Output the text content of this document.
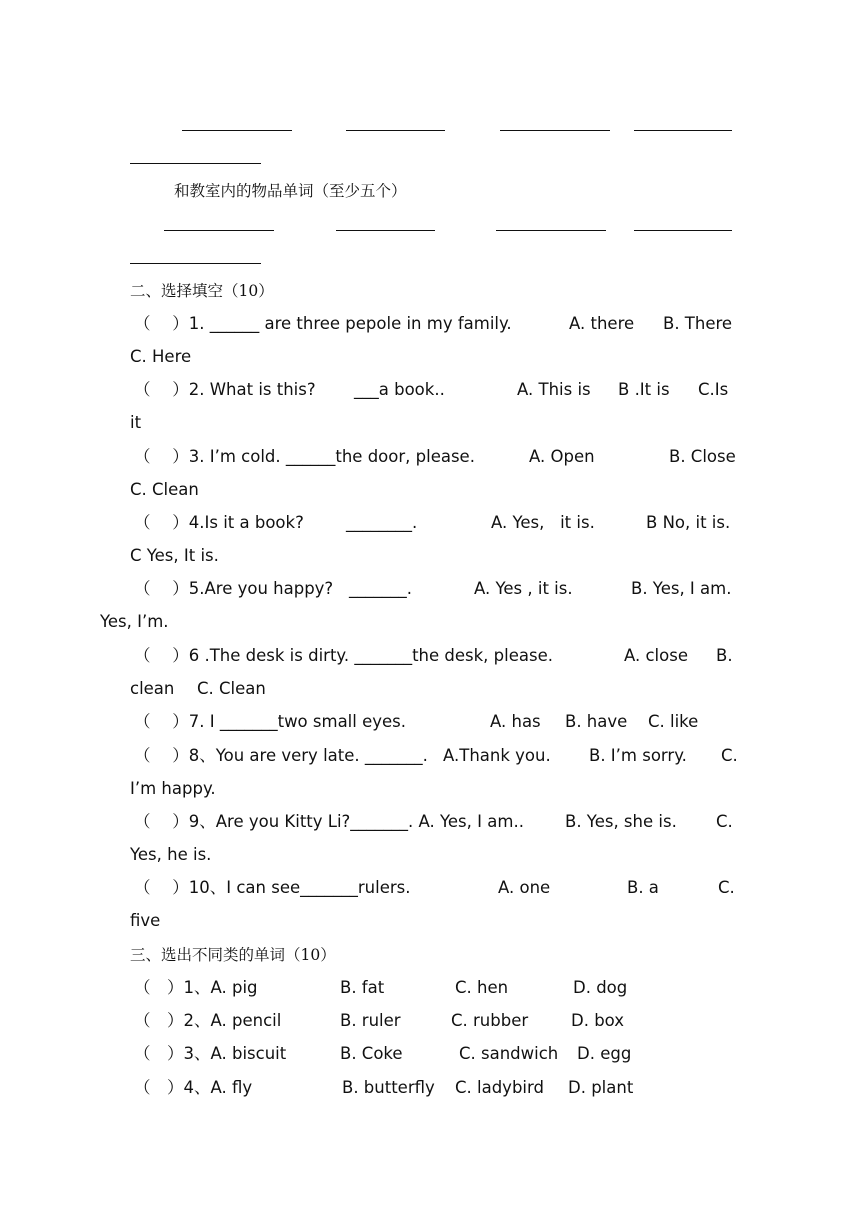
和教室内的物品单词（至少五个）
二、选择填空（10）
（　 ）1. ______ are three pepole in my family.	A. there B. There
C. Here
（　 ）2. What is this? ___a book..	A. This is B .It is C.Is
it
（　 ）3. I’m cold. ______the door, please.	A. Open	B. Close
C. Clean
（　 ）4.Is it a book?	________.	A. Yes,   it is.	B No, it is.
C Yes, It is.
（　 ）5.Are you happy? _______.	A. Yes , it is.	B. Yes, I am.
Yes, I’m.
（　 ）6 .The desk is dirty. _______the desk, please.	A. close B.
clean C. Clean
（　 ）7. I _______two small eyes.	A. has B. have C. like
（　 ）8、You are very late. _______. A.Thank you. B. I’m sorry. C.
I’m happy.
（　 ）9、Are you Kitty Li?_______. A. Yes, I am.. B. Yes, she is. C.
Yes, he is.
（　 ）10、I can see_______rulers.	A. one	B. a	C.
five
三、选出不同类的单词（10）
（　）1、A. pig	B. fat	C. hen	D. dog
（　）2、A. pencil	B. ruler	C. rubber	D. box
（　）3、A. biscuit	B. Coke	C. sandwich D. egg
（　）4、A. fly	B. butterfly C. ladybird D. plant
